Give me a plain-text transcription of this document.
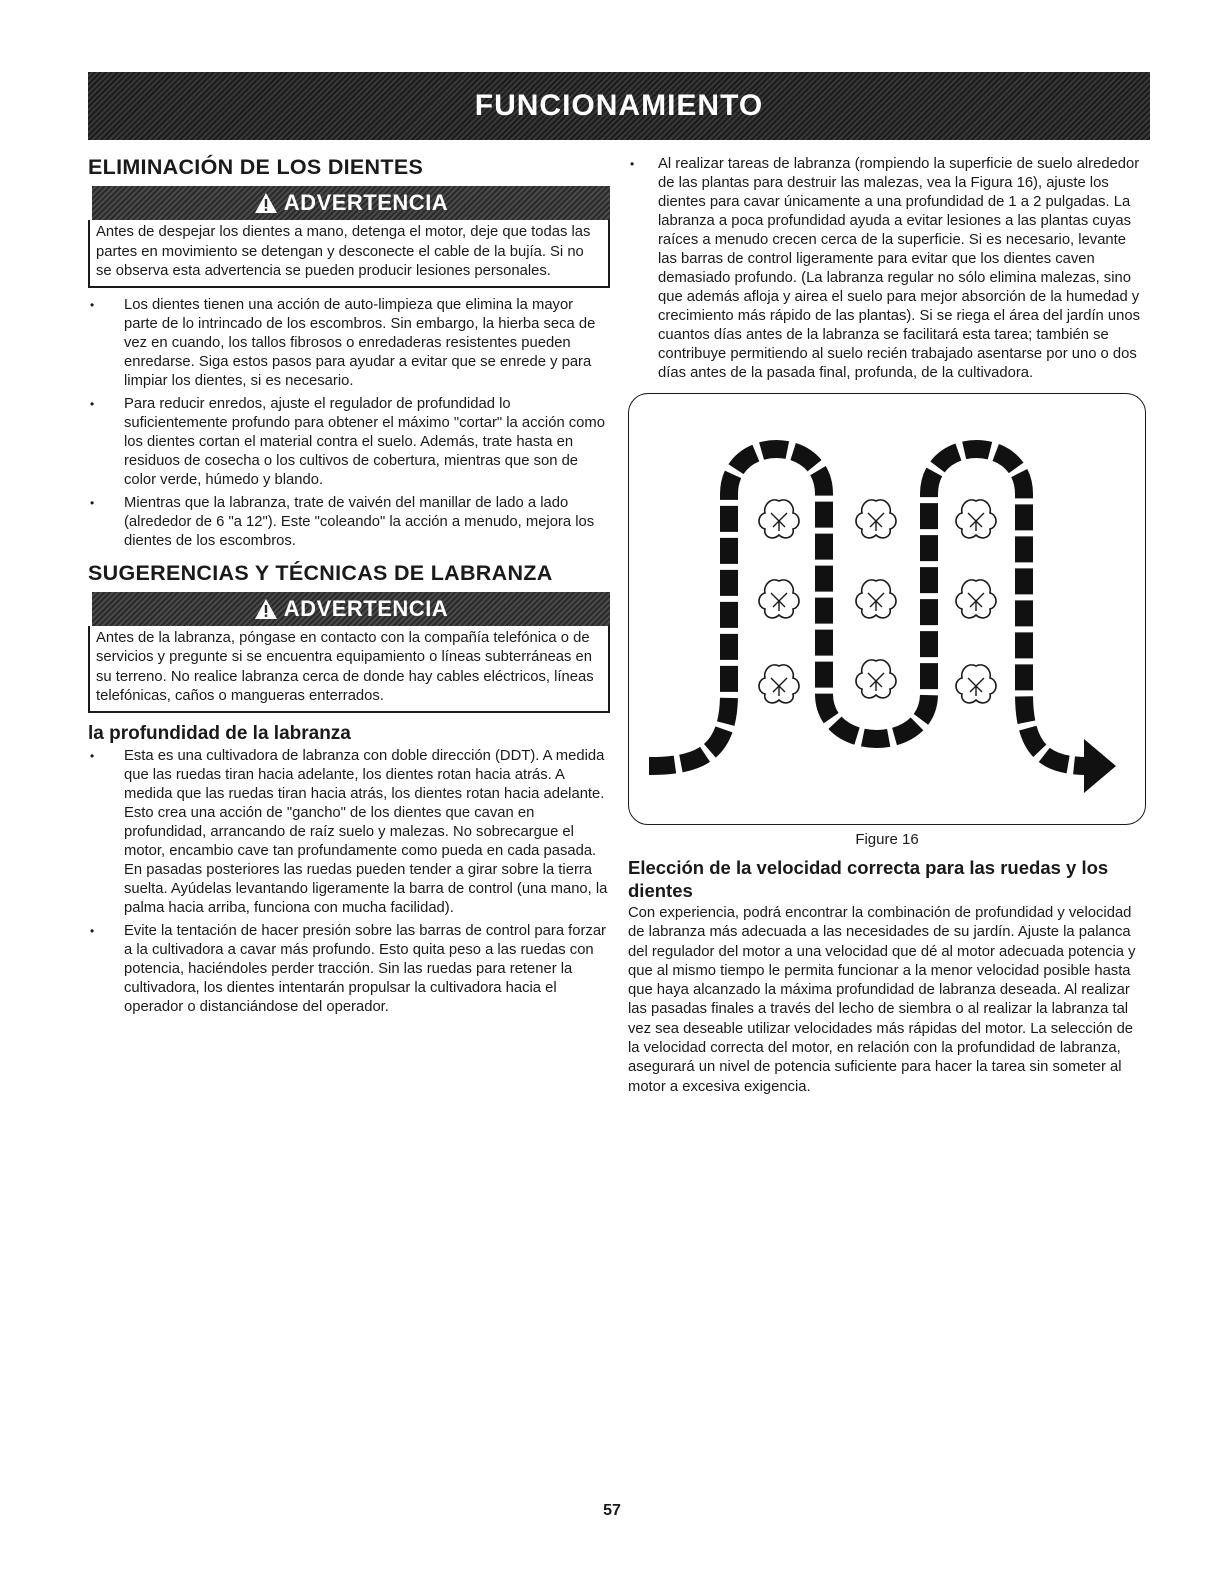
FUNCIONAMIENTO
ELIMINACIÓN DE LOS DIENTES
ADVERTENCIA
Antes de despejar los dientes a mano, detenga el motor, deje que todas las partes en movimiento se detengan y desconecte el cable de la bujía. Si no se observa esta advertencia se pueden producir lesiones personales.
• Los dientes tienen una acción de auto-limpieza que elimina la mayor parte de lo intrincado de los escombros. Sin embargo, la hierba seca de vez en cuando, los tallos fibrosos o enredaderas resistentes pueden enredarse. Siga estos pasos para ayudar a evitar que se enrede y para limpiar los dientes, si es necesario.
• Para reducir enredos, ajuste el regulador de profundidad lo suficientemente profundo para obtener el máximo "cortar" la acción como los dientes cortan el material contra el suelo. Además, trate hasta en residuos de cosecha o los cultivos de cobertura, mientras que son de color verde, húmedo y blando.
• Mientras que la labranza, trate de vaivén del manillar de lado a lado (alrededor de 6 "a 12"). Este "coleando" la acción a menudo, mejora los dientes de los escombros.
SUGERENCIAS Y TÉCNICAS DE LABRANZA
ADVERTENCIA
Antes de la labranza, póngase en contacto con la compañía telefónica o de servicios y pregunte si se encuentra equipamiento o líneas subterráneas en su terreno. No realice labranza cerca de donde hay cables eléctricos, líneas telefónicas, caños o mangueras enterrados.
la profundidad de la labranza
• Esta es una cultivadora de labranza con doble dirección (DDT). A medida que las ruedas tiran hacia adelante, los dientes rotan hacia atrás. A medida que las ruedas tiran hacia atrás, los dientes rotan hacia adelante. Esto crea una acción de "gancho" de los dientes que cavan en profundidad, arrancando de raíz suelo y malezas. No sobrecargue el motor, encambio cave tan profundamente como pueda en cada pasada. En pasadas posteriores las ruedas pueden tender a girar sobre la tierra suelta. Ayúdelas levantando ligeramente la barra de control (una mano, la palma hacia arriba, funciona con mucha facilidad).
• Evite la tentación de hacer presión sobre las barras de control para forzar a la cultivadora a cavar más profundo. Esto quita peso a las ruedas con potencia, haciéndoles perder tracción. Sin las ruedas para retener la cultivadora, los dientes intentarán propulsar la cultivadora hacia el operador o distanciándose del operador.
• Al realizar tareas de labranza (rompiendo la superficie de suelo alrededor de las plantas para destruir las malezas, vea la Figura 16), ajuste los dientes para cavar únicamente a una profundidad de 1 a 2 pulgadas. La labranza a poca profundidad ayuda a evitar lesiones a las plantas cuyas raíces a menudo crecen cerca de la superficie. Si es necesario, levante las barras de control ligeramente para evitar que los dientes caven demasiado profundo. (La labranza regular no sólo elimina malezas, sino que además afloja y airea el suelo para mejor absorción de la humedad y crecimiento más rápido de las plantas). Si se riega el área del jardín unos cuantos días antes de la labranza se facilitará esta tarea; también se contribuye permitiendo al suelo recién trabajado asentarse por uno o dos días antes de la pasada final, profunda, de la cultivadora.
Figure 16
Elección de la velocidad correcta para las ruedas y los dientes

Con experiencia, podrá encontrar la combinación de profundidad y velocidad de labranza más adecuada a las necesidades de su jardín. Ajuste la palanca del regulador del motor a una velocidad que dé al motor adecuada potencia y que al mismo tiempo le permita funcionar a la menor velocidad posible hasta que haya alcanzado la máxima profundidad de labranza deseada. Al realizar las pasadas finales a través del lecho de siembra o al realizar la labranza tal vez sea deseable utilizar velocidades más rápidas del motor. La selección de la velocidad correcta del motor, en relación con la profundidad de labranza, asegurará un nivel de potencia suficiente para hacer la tarea sin someter al motor a excesiva exigencia.

57
